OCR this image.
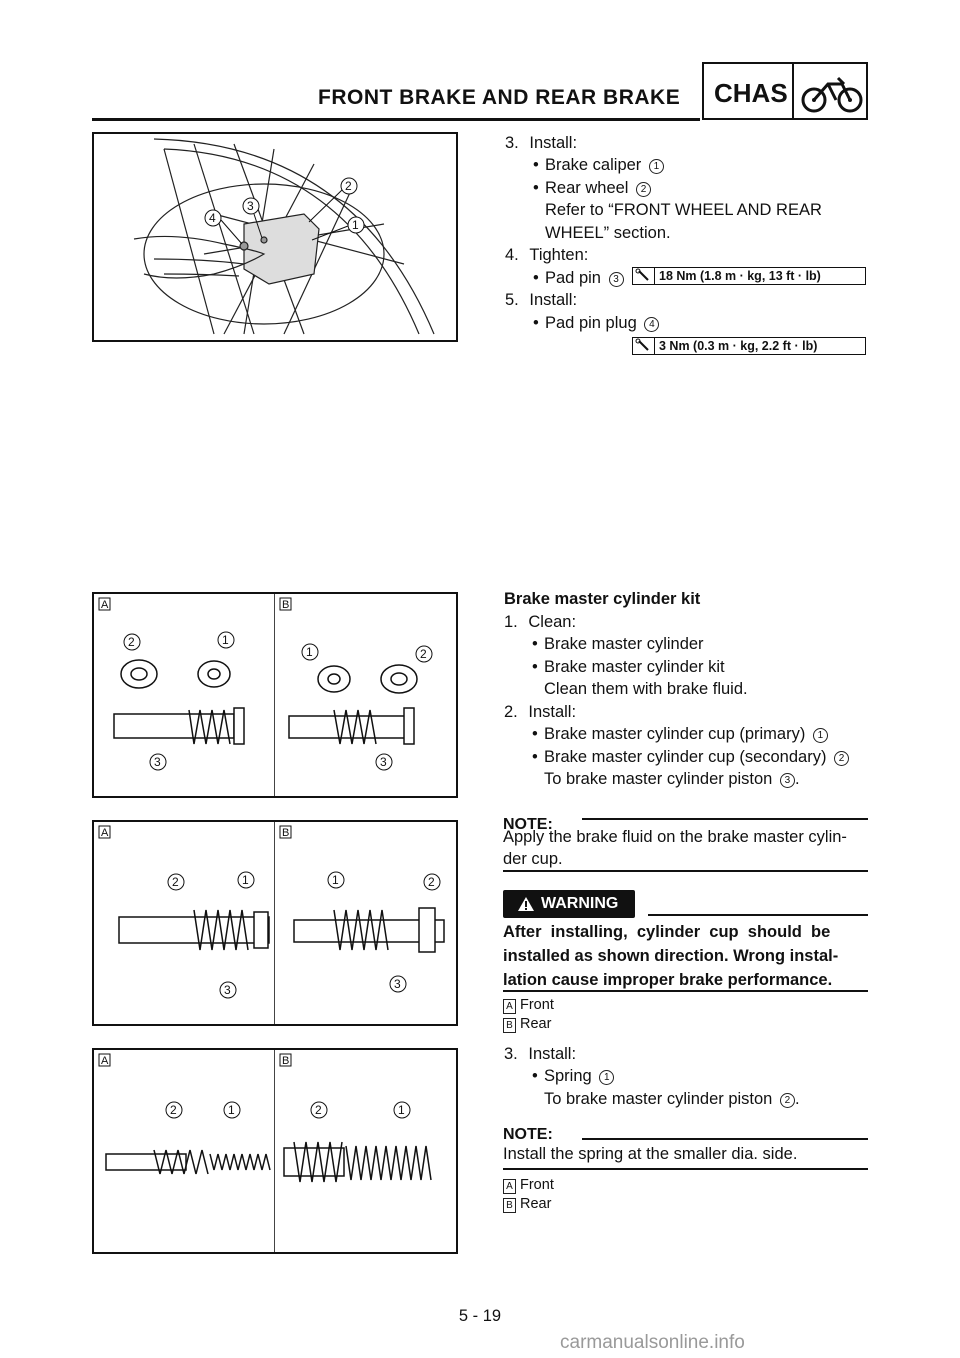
FRONT BRAKE AND REAR BRAKE CHAS
2
1
3
4
3. Install:
• Brake caliper 1
• Rear wheel 2
Refer to “FRONT WHEEL AND REAR
WHEEL” section.
4. Tighten:
• Pad pin 3
5. Install:
• Pad pin plug 4
18 Nm (1.8 m · kg, 13 ft · lb)
3 Nm (0.3 m · kg, 2.2 ft · lb)
A	B
2	1
3
1	2
3
A	B
2	1
3
1	2
3
A	B
2	1	2	1
Brake master cylinder kit
1. Clean:
• Brake master cylinder
• Brake master cylinder kit
Clean them with brake fluid.
2. Install:
• Brake master cylinder cup (primary) 1
• Brake master cylinder cup (secondary) 2
To brake master cylinder piston 3 .
NOTE:
Apply the brake fluid on the brake master cylin-
der cup.
WARNING
After  installing,  cylinder  cup  should  be
installed as shown direction. Wrong instal-
lation cause improper brake performance.
A Front
B Rear
3. Install:
• Spring 1
To brake master cylinder piston 2 .
NOTE:
Install the spring at the smaller dia. side.
A Front
B Rear
5 - 19
carmanualsonline.info
